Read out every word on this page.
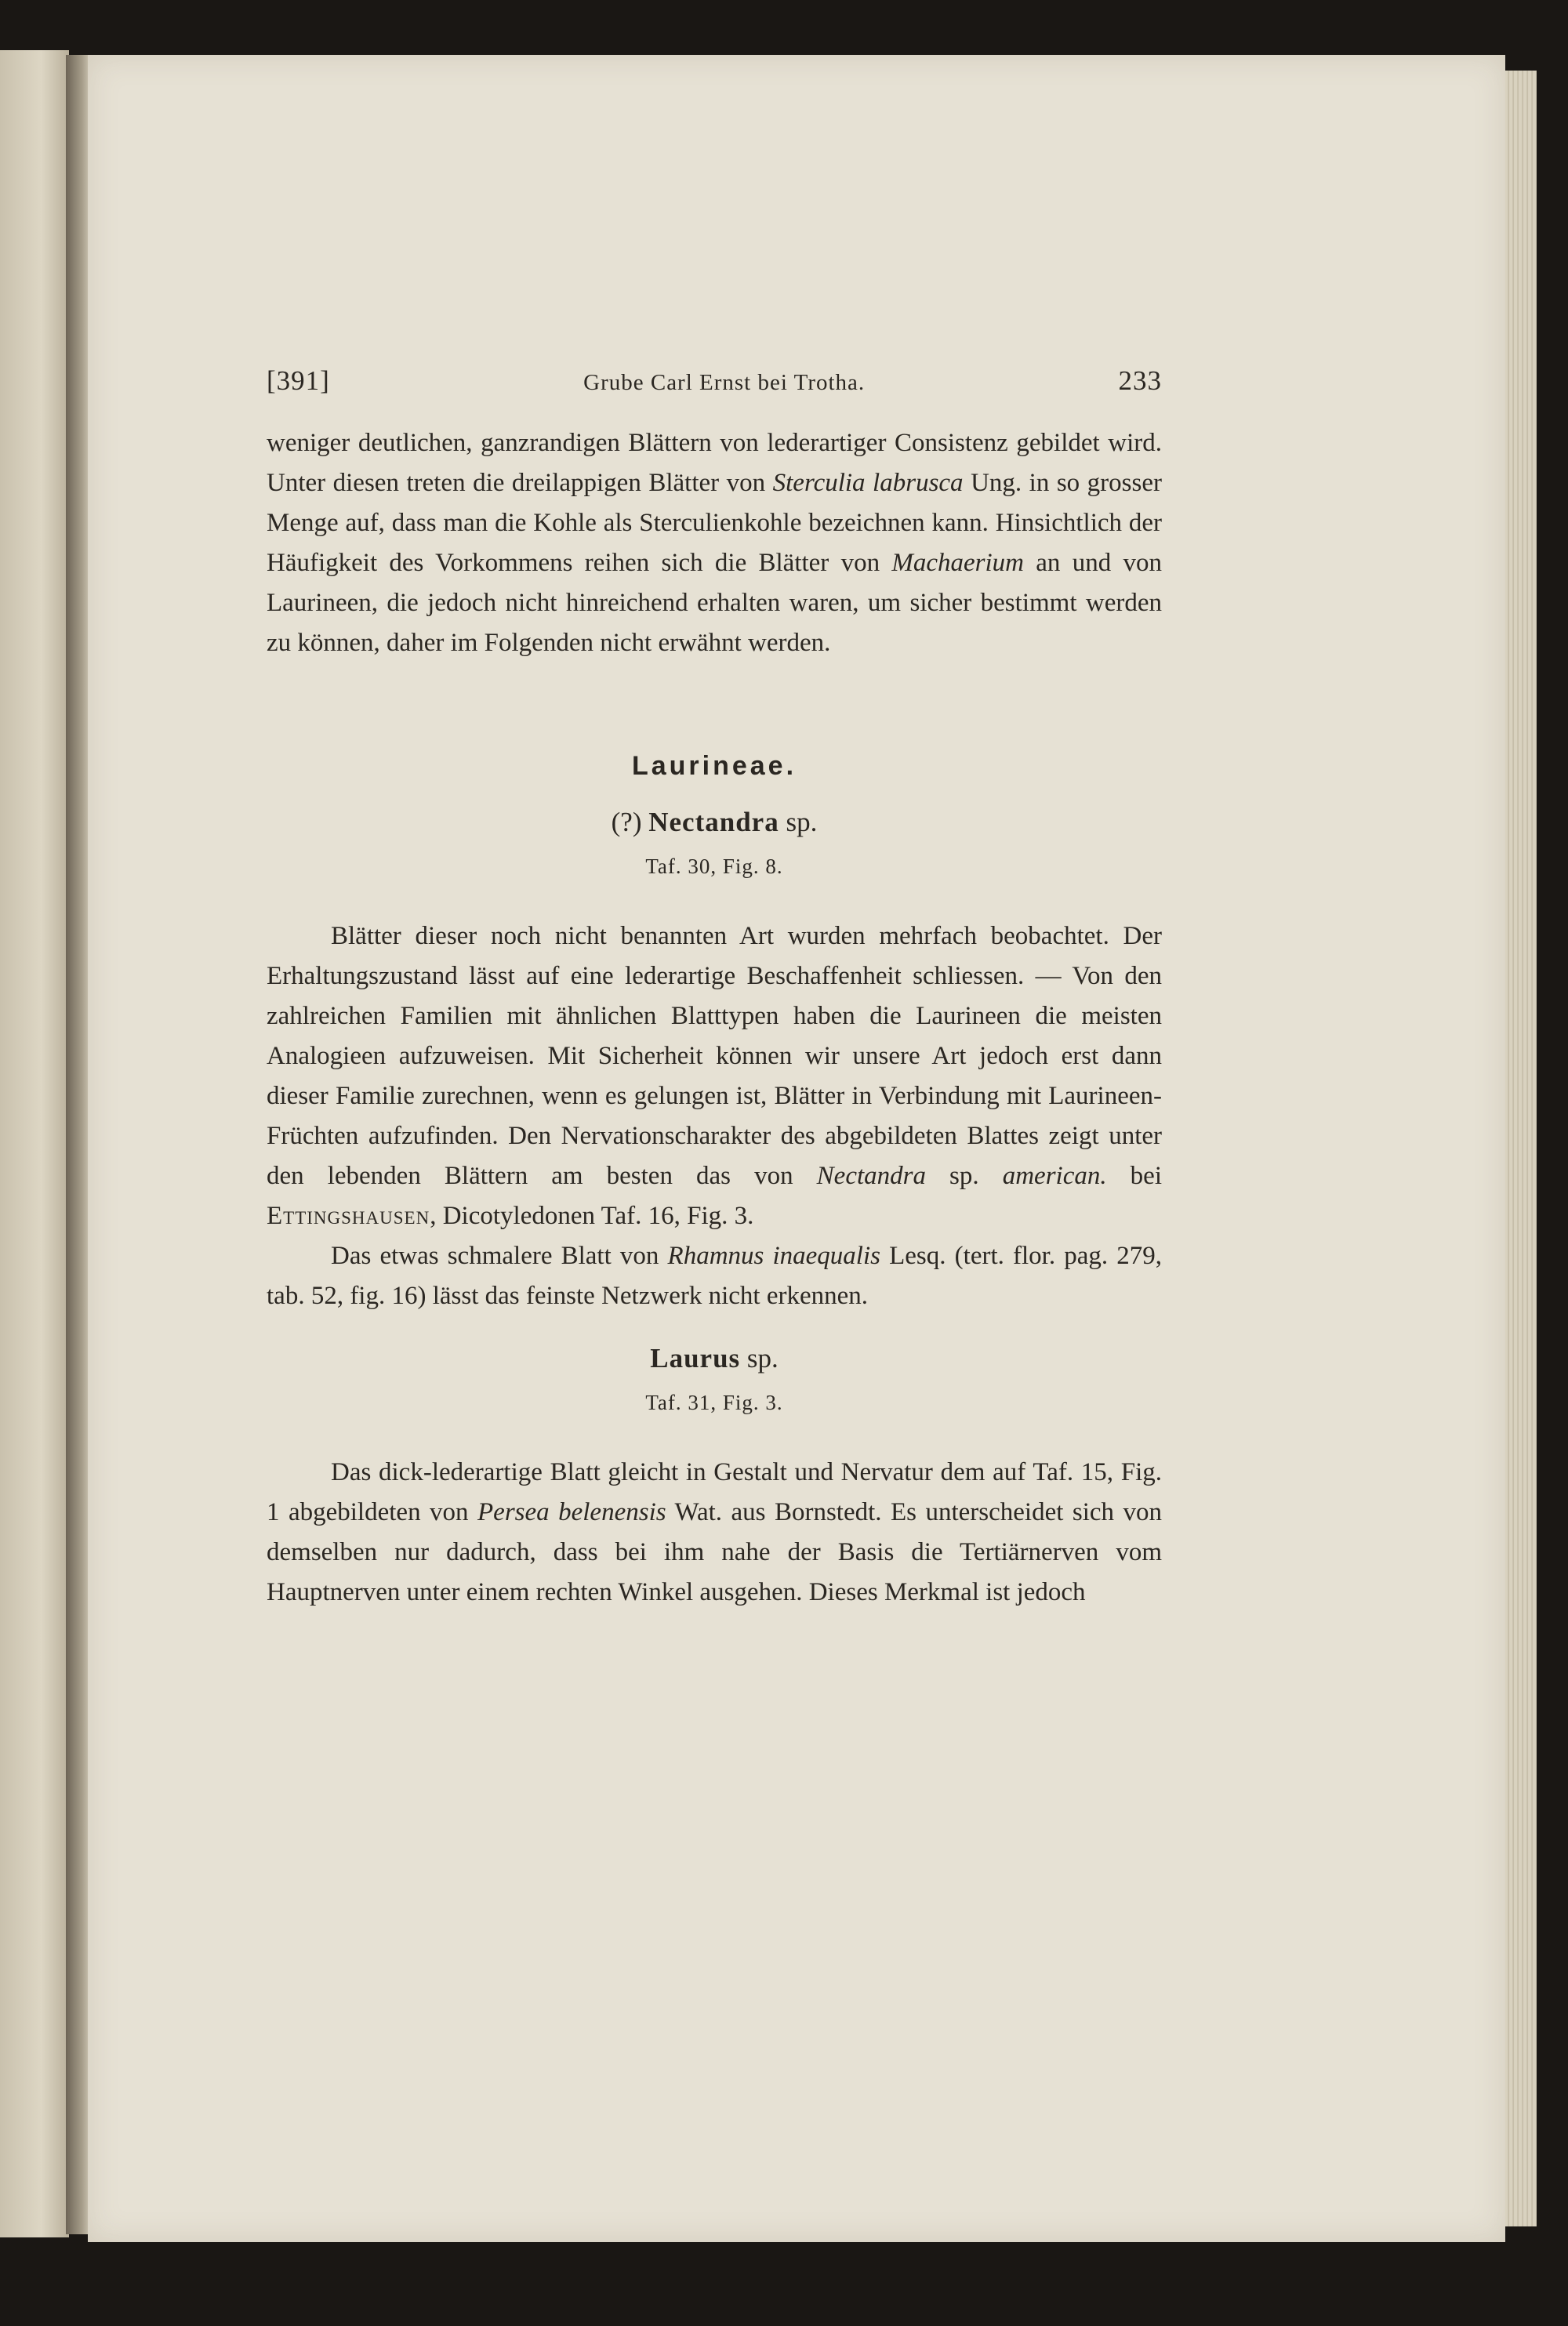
[391]	Grube Carl Ernst bei Trotha.	233

weniger deutlichen, ganzrandigen Blättern von lederartiger Consistenz gebildet wird. Unter diesen treten die dreilappigen Blätter von Sterculia labrusca Ung. in so grosser Menge auf, dass man die Kohle als Sterculienkohle bezeichnen kann. Hinsichtlich der Häufigkeit des Vorkommens reihen sich die Blätter von Machaerium an und von Laurineen, die jedoch nicht hinreichend erhalten waren, um sicher bestimmt werden zu können, daher im Folgenden nicht erwähnt werden.

Laurineae.
(?) Nectandra sp.
Taf. 30, Fig. 8.

Blätter dieser noch nicht benannten Art wurden mehrfach beobachtet. Der Erhaltungszustand lässt auf eine lederartige Beschaffenheit schliessen. — Von den zahlreichen Familien mit ähnlichen Blatttypen haben die Laurineen die meisten Analogieen aufzuweisen. Mit Sicherheit können wir unsere Art jedoch erst dann dieser Familie zurechnen, wenn es gelungen ist, Blätter in Verbindung mit Laurineen-Früchten aufzufinden. Den Nervationscharakter des abgebildeten Blattes zeigt unter den lebenden Blättern am besten das von Nectandra sp. american. bei Ettingshausen, Dicotyledonen Taf. 16, Fig. 3.

Das etwas schmalere Blatt von Rhamnus inaequalis Lesq. (tert. flor. pag. 279, tab. 52, fig. 16) lässt das feinste Netzwerk nicht erkennen.

Laurus sp.
Taf. 31, Fig. 3.

Das dick-lederartige Blatt gleicht in Gestalt und Nervatur dem auf Taf. 15, Fig. 1 abgebildeten von Persea belenensis Wat. aus Bornstedt. Es unterscheidet sich von demselben nur dadurch, dass bei ihm nahe der Basis die Tertiärnerven vom Hauptnerven unter einem rechten Winkel ausgehen. Dieses Merkmal ist jedoch
